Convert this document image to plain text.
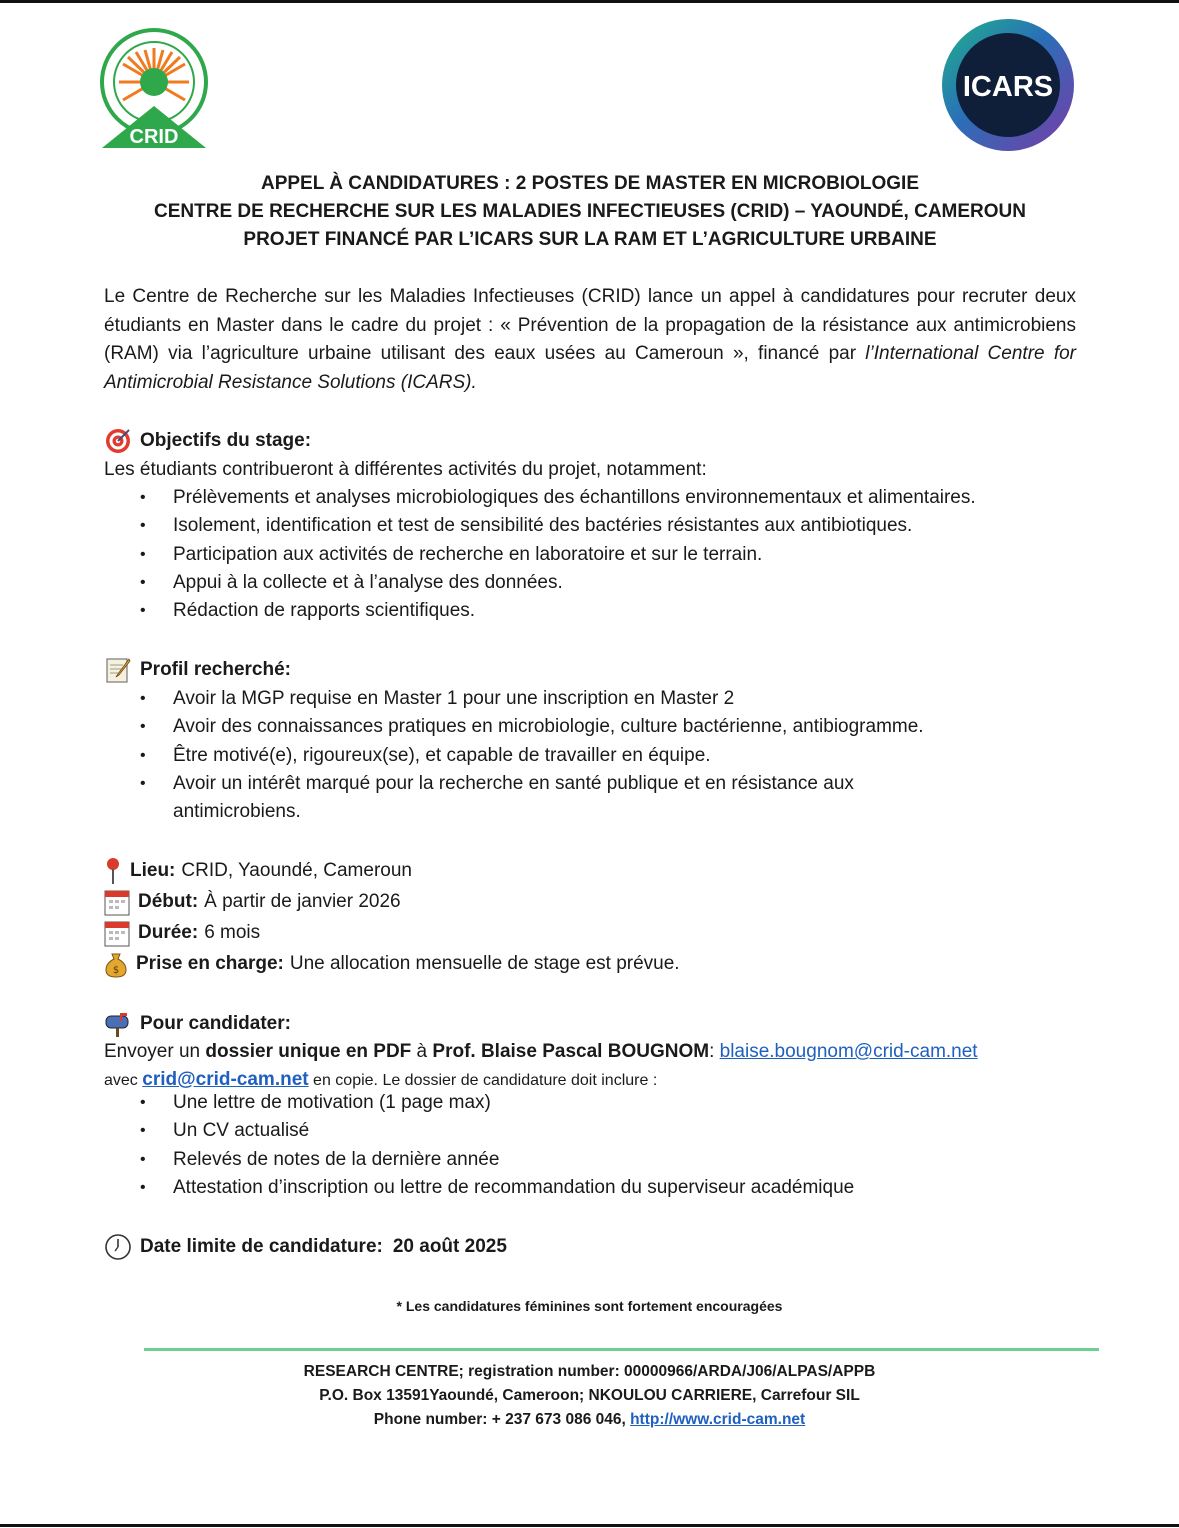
CRID
ICARS
APPEL À CANDIDATURES : 2 POSTES DE MASTER EN MICROBIOLOGIE
CENTRE DE RECHERCHE SUR LES MALADIES INFECTIEUSES (CRID) – YAOUNDÉ, CAMEROUN
PROJET FINANCÉ PAR L’ICARS SUR LA RAM ET L’AGRICULTURE URBAINE
Le Centre de Recherche sur les Maladies Infectieuses (CRID) lance un appel à candidatures pour recruter deux étudiants en Master dans le cadre du projet : « Prévention de la propagation de la résistance aux antimicrobiens (RAM) via l’agriculture urbaine utilisant des eaux usées au Cameroun », financé par l’International Centre for Antimicrobial Resistance Solutions (ICARS).
Objectifs du stage:
Les étudiants contribueront à différentes activités du projet, notamment:
• Prélèvements et analyses microbiologiques des échantillons environnementaux et alimentaires.
• Isolement, identification et test de sensibilité des bactéries résistantes aux antibiotiques.
• Participation aux activités de recherche en laboratoire et sur le terrain.
• Appui à la collecte et à l’analyse des données.
• Rédaction de rapports scientifiques.
Profil recherché:
• Avoir la MGP requise en Master 1 pour une inscription en Master 2
• Avoir des connaissances pratiques en microbiologie, culture bactérienne, antibiogramme.
• Être motivé(e), rigoureux(se), et capable de travailler en équipe.
• Avoir un intérêt marqué pour la recherche en santé publique et en résistance aux antimicrobiens.
Lieu: CRID, Yaoundé, Cameroun
Début: À partir de janvier 2026
Durée: 6 mois
$ Prise en charge: Une allocation mensuelle de stage est prévue.
Pour candidater:
Envoyer un dossier unique en PDF à Prof. Blaise Pascal BOUGNOM: blaise.bougnom@crid-cam.net
avec crid@crid-cam.net en copie. Le dossier de candidature doit inclure :
• Une lettre de motivation (1 page max)
• Un CV actualisé
• Relevés de notes de la dernière année
• Attestation d’inscription ou lettre de recommandation du superviseur académique
Date limite de candidature: 20 août 2025
* Les candidatures féminines sont fortement encouragées
RESEARCH CENTRE; registration number: 00000966/ARDA/J06/ALPAS/APPB
P.O. Box 13591Yaoundé, Cameroon; NKOULOU CARRIERE, Carrefour SIL
Phone number: + 237 673 086 046, http://www.crid-cam.net
